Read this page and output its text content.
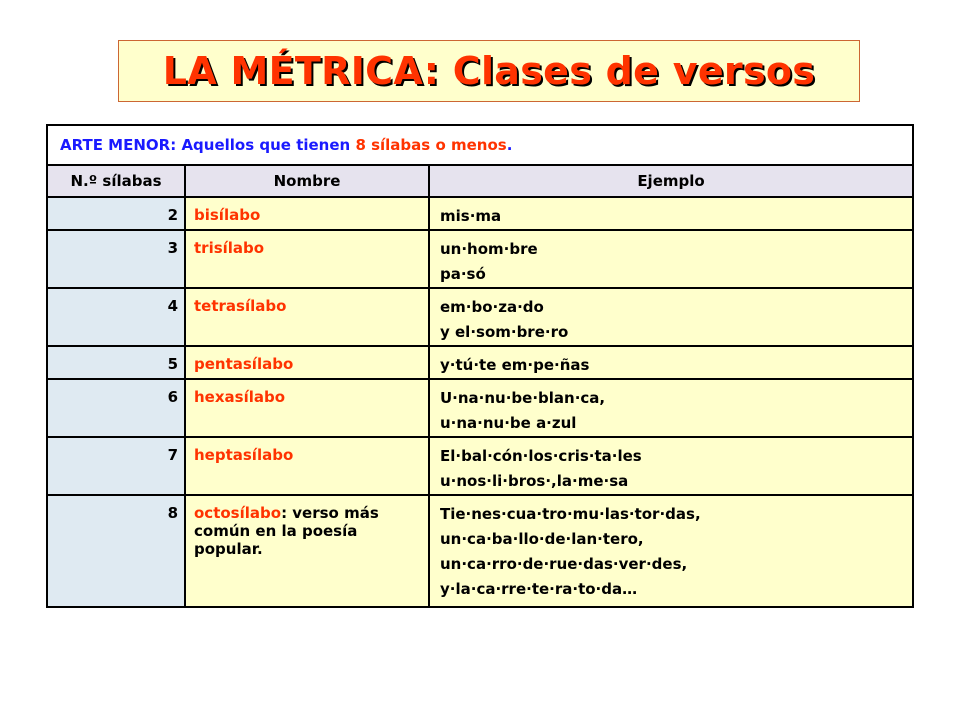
LA MÉTRICA: Clases de versos
ARTE MENOR: Aquellos que tienen 8 sílabas o menos.		
N.º sílabas	Nombre	Ejemplo
2	bisílabo	mis·ma

3	trisílabo	un·hom·bre
pa·só

4	tetrasílabo	em·bo·za·do
y el·som·bre·ro

5	pentasílabo	y·tú·te em·pe·ñas

6	hexasílabo	U·na·nu·be·blan·ca,
u·na·nu·be a·zul

7	heptasílabo	El·bal·cón·los·cris·ta·les
u·nos·li·bros·,la·me·sa

8	octosílabo: verso más común en la poesía popular.	Tie·nes·cua·tro·mu·las·tor·das,
un·ca·ba·llo·de·lan·tero,
un·ca·rro·de·rue·das·ver·des,
y·la·ca·rre·te·ra·to·da…
